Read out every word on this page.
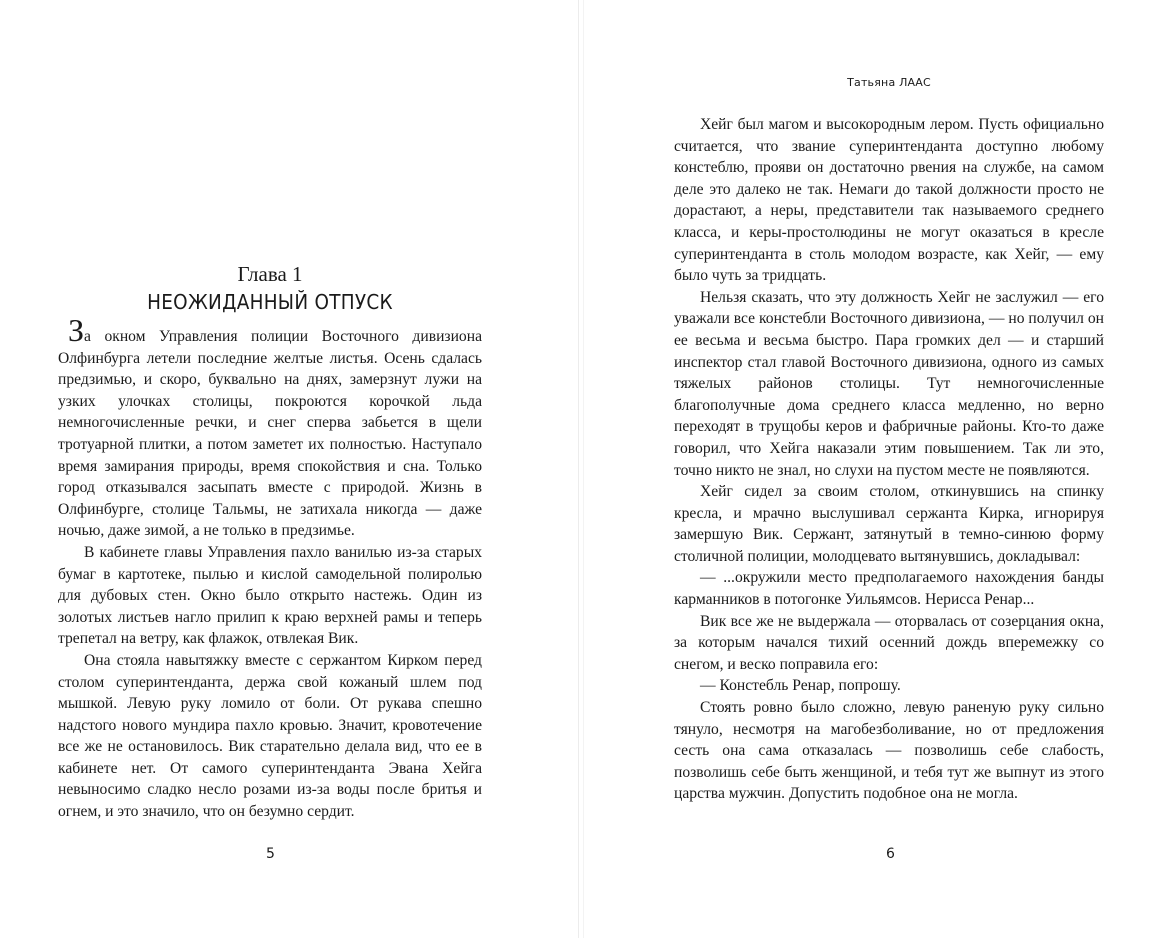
Глава 1
НЕОЖИДАННЫЙ ОТПУСК

За окном Управления полиции Восточного дивизиона Олфинбурга летели последние желтые листья. Осень сдалась предзимью, и скоро, буквально на днях, замерзнут лужи на узких улочках столицы, покроются корочкой льда немногочисленные речки, и снег сперва забьется в щели тротуарной плитки, а потом заметет их полностью. Наступало время замирания природы, время спокойствия и сна. Только город отказывался засыпать вместе с природой. Жизнь в Олфинбурге, столице Тальмы, не затихала никогда — даже ночью, даже зимой, а не только в предзимье.

В кабинете главы Управления пахло ванилью из-за старых бумаг в картотеке, пылью и кислой самодельной полиролью для дубовых стен. Окно было открыто настежь. Один из золотых листьев нагло прилип к краю верхней рамы и теперь трепетал на ветру, как флажок, отвлекая Вик.

Она стояла навытяжку вместе с сержантом Кирком перед столом суперинтенданта, держа свой кожаный шлем под мышкой. Левую руку ломило от боли. От рукава спешно надстого нового мундира пахло кровью. Значит, кровотечение все же не остановилось. Вик старательно делала вид, что ее в кабинете нет. От самого суперинтенданта Эвана Хейга невыносимо сладко несло розами из-за воды после бритья и огнем, и это значило, что он безумно сердит.

5
Татьяна ЛААС

Хейг был магом и высокородным лером. Пусть официально считается, что звание суперинтенданта доступно любому констеблю, прояви он достаточно рвения на службе, на самом деле это далеко не так. Немаги до такой должности просто не дорастают, а неры, представители так называемого среднего класса, и керы-простолюдины не могут оказаться в кресле суперинтенданта в столь молодом возрасте, как Хейг, — ему было чуть за тридцать.

Нельзя сказать, что эту должность Хейг не заслужил — его уважали все констебли Восточного дивизиона, — но получил он ее весьма и весьма быстро. Пара громких дел — и старший инспектор стал главой Восточного дивизиона, одного из самых тяжелых районов столицы. Тут немногочисленные благополучные дома среднего класса медленно, но верно переходят в трущобы керов и фабричные районы. Кто-то даже говорил, что Хейга наказали этим повышением. Так ли это, точно никто не знал, но слухи на пустом месте не появляются.

Хейг сидел за своим столом, откинувшись на спинку кресла, и мрачно выслушивал сержанта Кирка, игнорируя замершую Вик. Сержант, затянутый в темно-синюю форму столичной полиции, молодцевато вытянувшись, докладывал:

— ...окружили место предполагаемого нахождения банды карманников в потогонке Уильямсов. Нерисса Ренар...

Вик все же не выдержала — оторвалась от созерцания окна, за которым начался тихий осенний дождь вперемежку со снегом, и веско поправила его:

— Констебль Ренар, попрошу.

Стоять ровно было сложно, левую раненую руку сильно тянуло, несмотря на магобезболивание, но от предложения сесть она сама отказалась — позволишь себе слабость, позволишь себе быть женщиной, и тебя тут же выпнут из этого царства мужчин. Допустить подобное она не могла.

6
